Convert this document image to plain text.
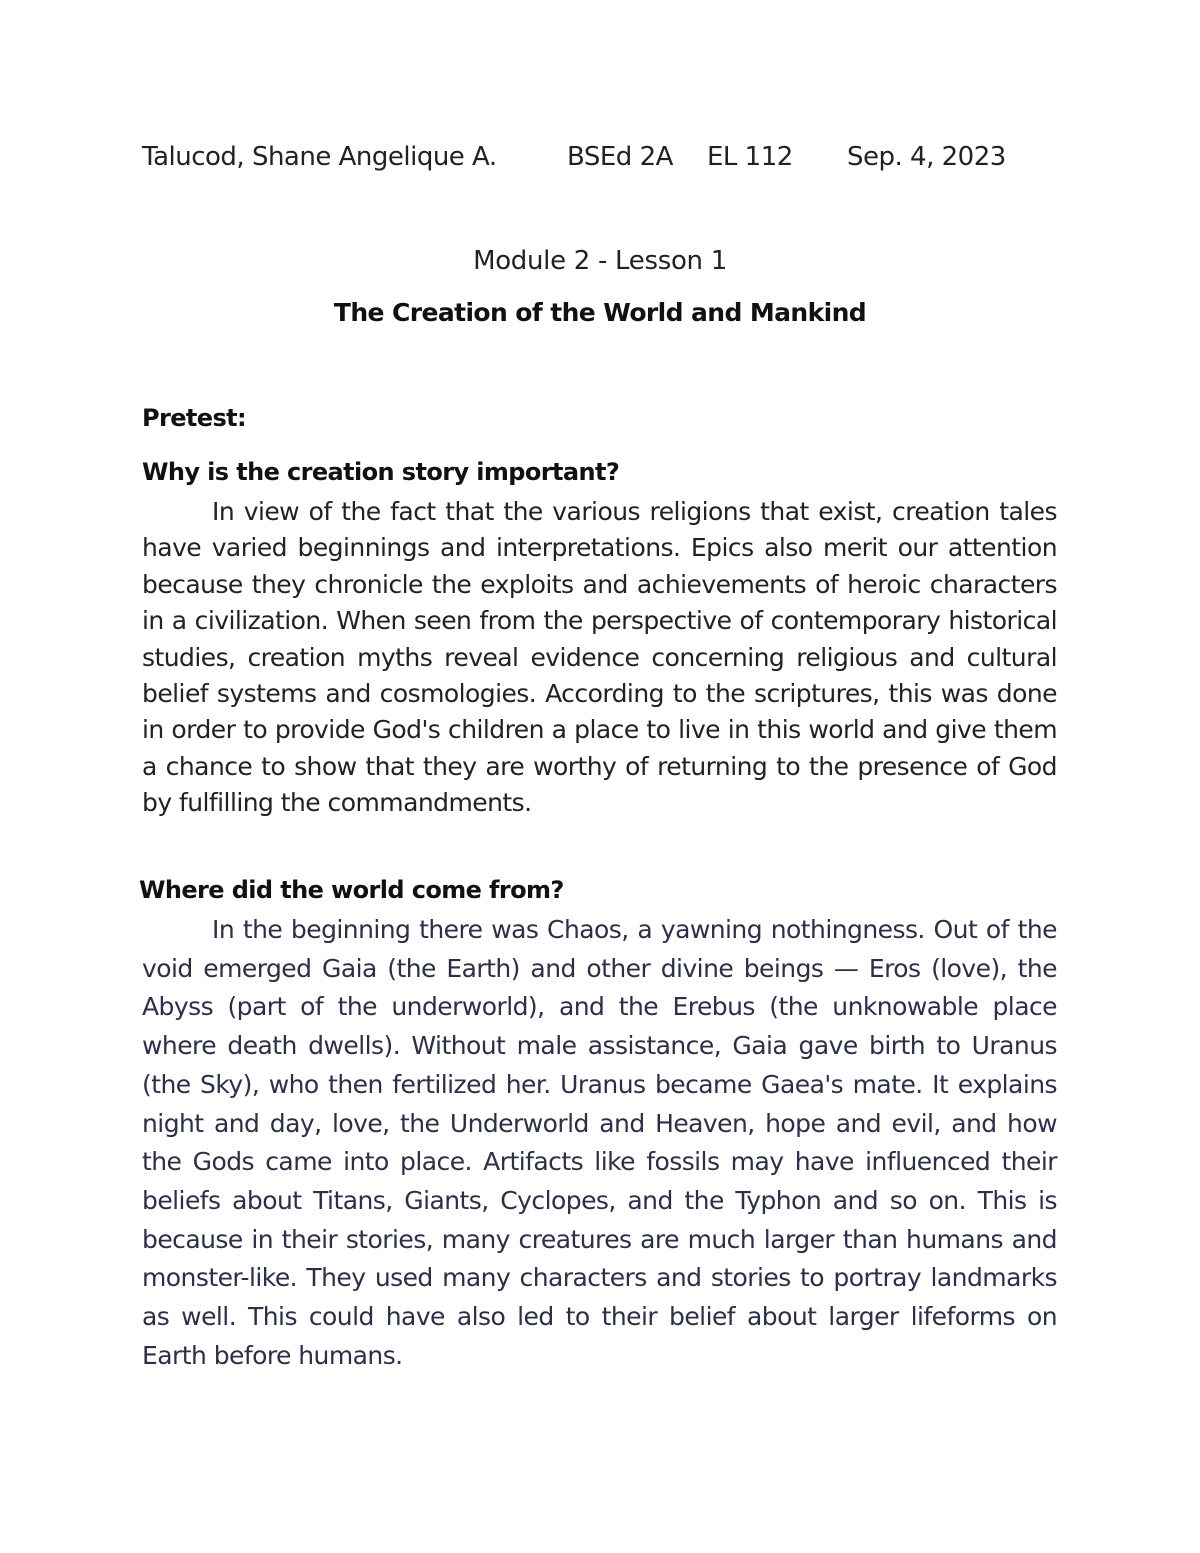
Talucod, Shane Angelique A.	BSEd 2A EL 112 Sep. 4, 2023
Module 2 - Lesson 1
The Creation of the World and Mankind
Pretest:
Why is the creation story important?
In view of the fact that the various religions that exist, creation tales have varied beginnings and interpretations. Epics also merit our attention because they chronicle the exploits and achievements of heroic characters in a civilization. When seen from the perspective of contemporary historical studies, creation myths reveal evidence concerning religious and cultural belief systems and cosmologies. According to the scriptures, this was done in order to provide God's children a place to live in this world and give them a chance to show that they are worthy of returning to the presence of God by fulfilling the commandments.
Where did the world come from?
In the beginning there was Chaos, a yawning nothingness. Out of the void emerged Gaia (the Earth) and other divine beings — Eros (love), the Abyss (part of the underworld), and the Erebus (the unknowable place where death dwells). Without male assistance, Gaia gave birth to Uranus (the Sky), who then fertilized her. Uranus became Gaea's mate. It explains night and day, love, the Underworld and Heaven, hope and evil, and how the Gods came into place. Artifacts like fossils may have influenced their beliefs about Titans, Giants, Cyclopes, and the Typhon and so on. This is because in their stories, many creatures are much larger than humans and monster-like. They used many characters and stories to portray landmarks as well. This could have also led to their belief about larger lifeforms on Earth before humans.
